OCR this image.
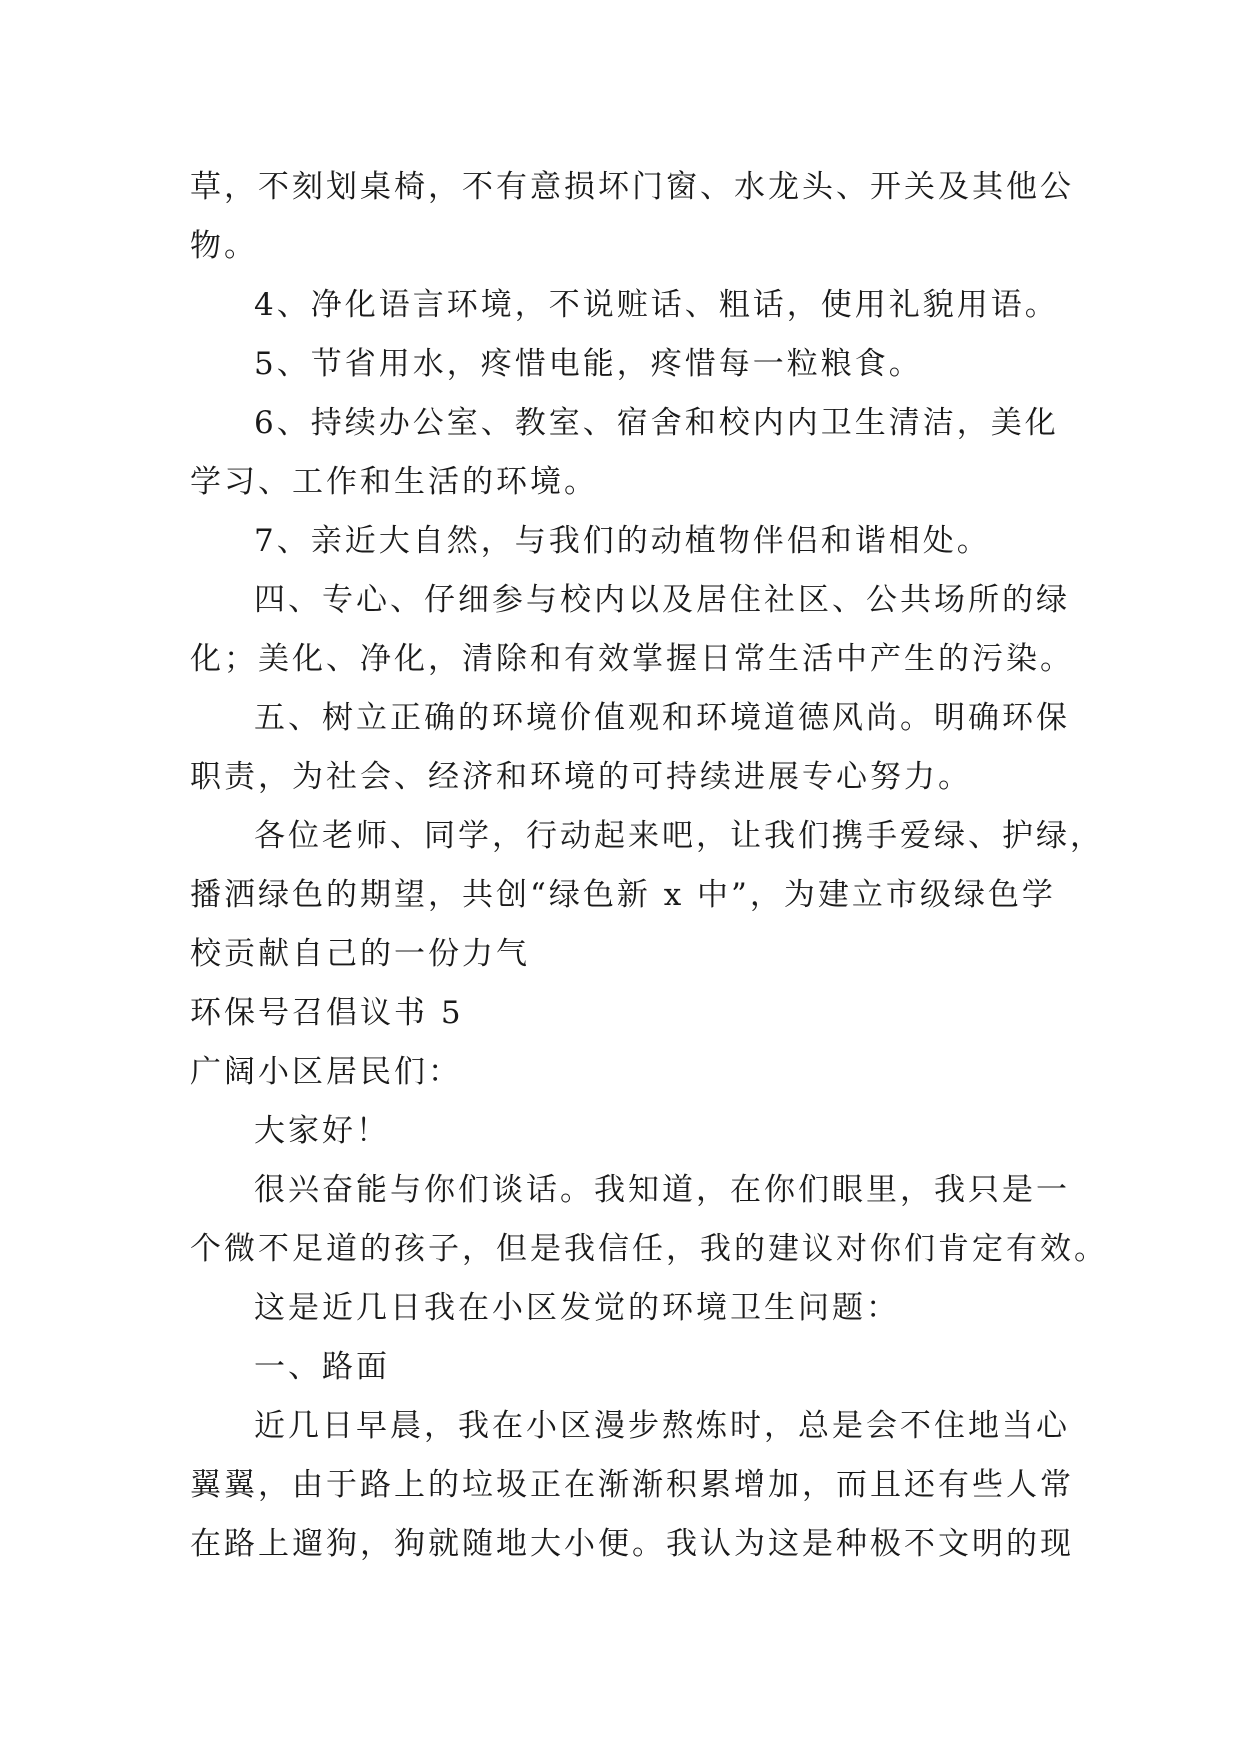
草，不刻划桌椅，不有意损坏门窗、水龙头、开关及其他公
物。
4、净化语言环境，不说赃话、粗话，使用礼貌用语。
5、节省用水，疼惜电能，疼惜每一粒粮食。
6、持续办公室、教室、宿舍和校内内卫生清洁，美化
学习、工作和生活的环境。
7、亲近大自然，与我们的动植物伴侣和谐相处。
四、专心、仔细参与校内以及居住社区、公共场所的绿
化；美化、净化，清除和有效掌握日常生活中产生的污染。
五、树立正确的环境价值观和环境道德风尚。明确环保
职责，为社会、经济和环境的可持续进展专心努力。
各位老师、同学，行动起来吧，让我们携手爱绿、护绿，
播洒绿色的期望，共创“绿色新 x 中”，为建立市级绿色学
校贡献自己的一份力气
环保号召倡议书 5
广阔小区居民们：
大家好！
很兴奋能与你们谈话。我知道，在你们眼里，我只是一
个微不足道的孩子，但是我信任，我的建议对你们肯定有效。
这是近几日我在小区发觉的环境卫生问题：
一、路面
近几日早晨，我在小区漫步熬炼时，总是会不住地当心
翼翼，由于路上的垃圾正在渐渐积累增加，而且还有些人常
在路上遛狗，狗就随地大小便。我认为这是种极不文明的现
